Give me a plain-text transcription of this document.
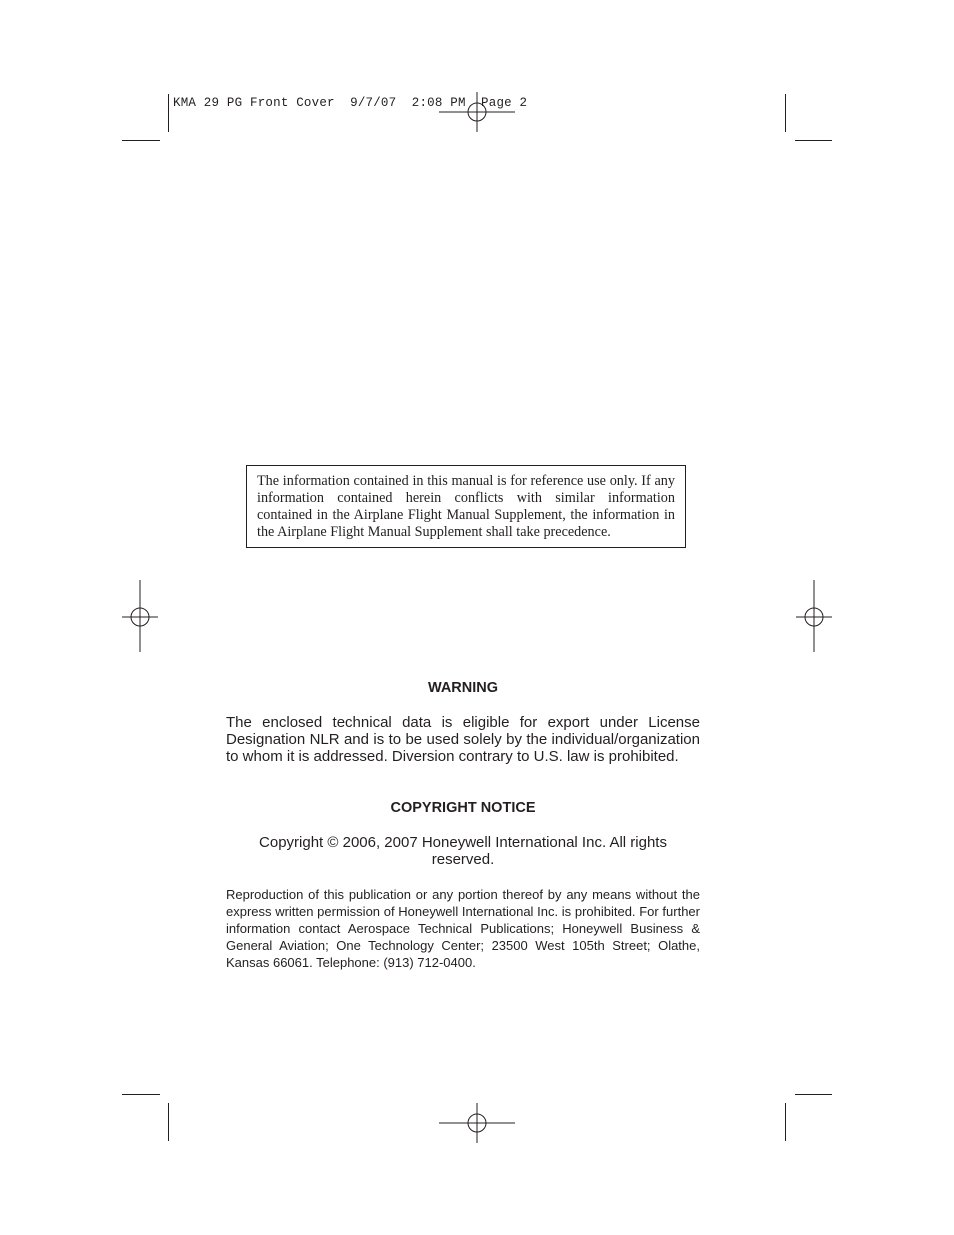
KMA 29 PG Front Cover  9/7/07  2:08 PM  Page 2
The information contained in this manual is for reference use only. If any information contained herein conflicts with similar information contained in the Airplane Flight Manual Supplement, the information in the Airplane Flight Manual Supplement shall take precedence.
WARNING
The enclosed technical data is eligible for export under License Designation NLR and is to be used solely by the individual/organization to whom it is addressed. Diversion contrary to U.S. law is prohibited.
COPYRIGHT NOTICE
Copyright © 2006, 2007 Honeywell International Inc. All rights reserved.
Reproduction of this publication or any portion thereof by any means without the express written permission of Honeywell International Inc. is prohibited. For further information contact Aerospace Technical Publications; Honeywell Business & General Aviation; One Technology Center; 23500 West 105th Street; Olathe, Kansas 66061. Telephone: (913) 712-0400.
